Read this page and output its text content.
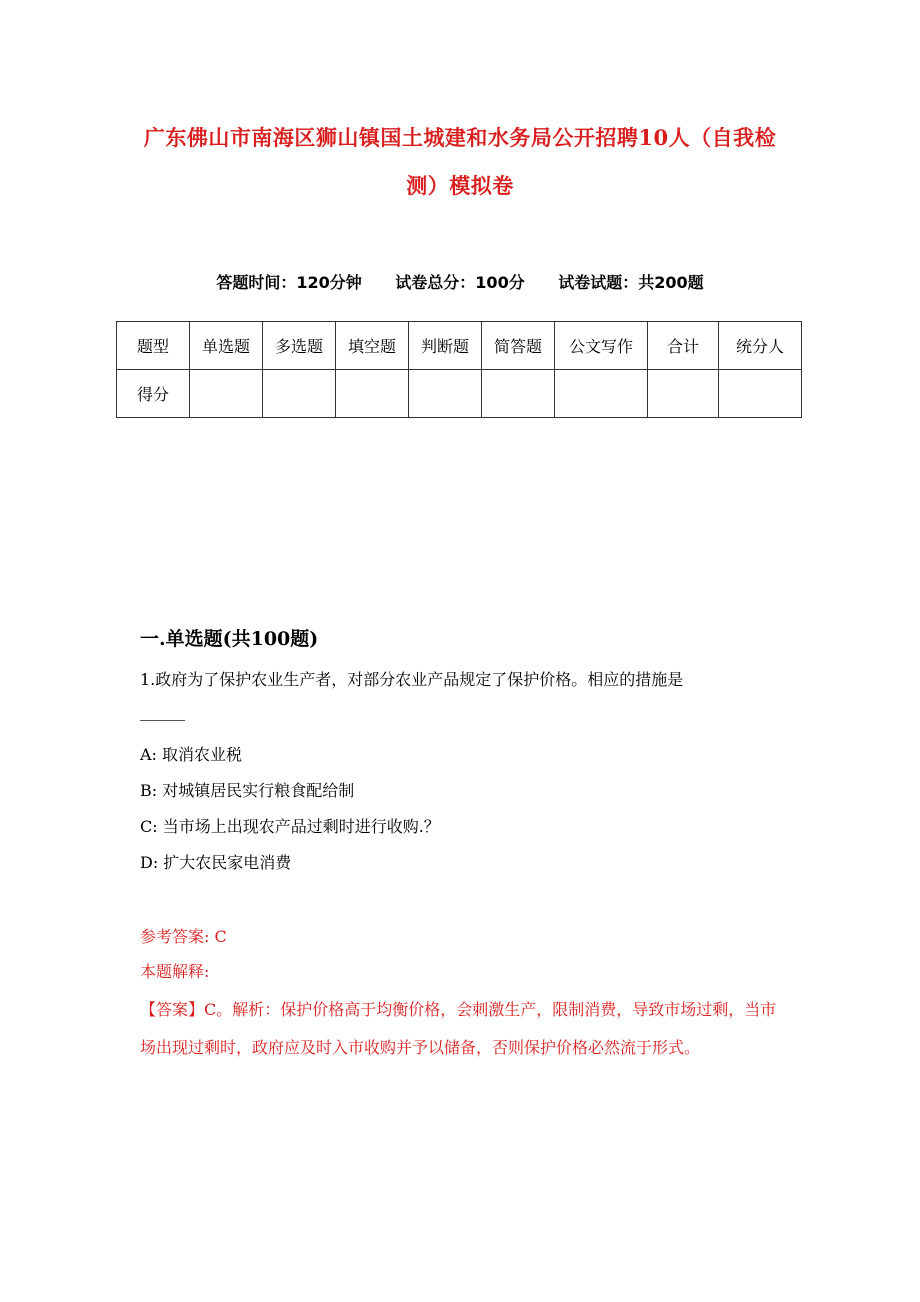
广东佛山市南海区狮山镇国土城建和水务局公开招聘10人（自我检
测）模拟卷
答题时间：120分钟 试卷总分：100分 试卷试题：共200题
题型	单选题	多选题	填空题	判断题	简答题	公文写作	合计	统分人
得分								
一.单选题(共100题)
1.政府为了保护农业生产者，对部分农业产品规定了保护价格。相应的措施是
A: 取消农业税
B: 对城镇居民实行粮食配给制
C: 当市场上出现农产品过剩时进行收购.？
D: 扩大农民家电消费
参考答案: C
本题解释:
【答案】C。解析：保护价格高于均衡价格，会刺激生产，限制消费，导致市场过剩，当市场出现过剩时，政府应及时入市收购并予以储备，否则保护价格必然流于形式。
